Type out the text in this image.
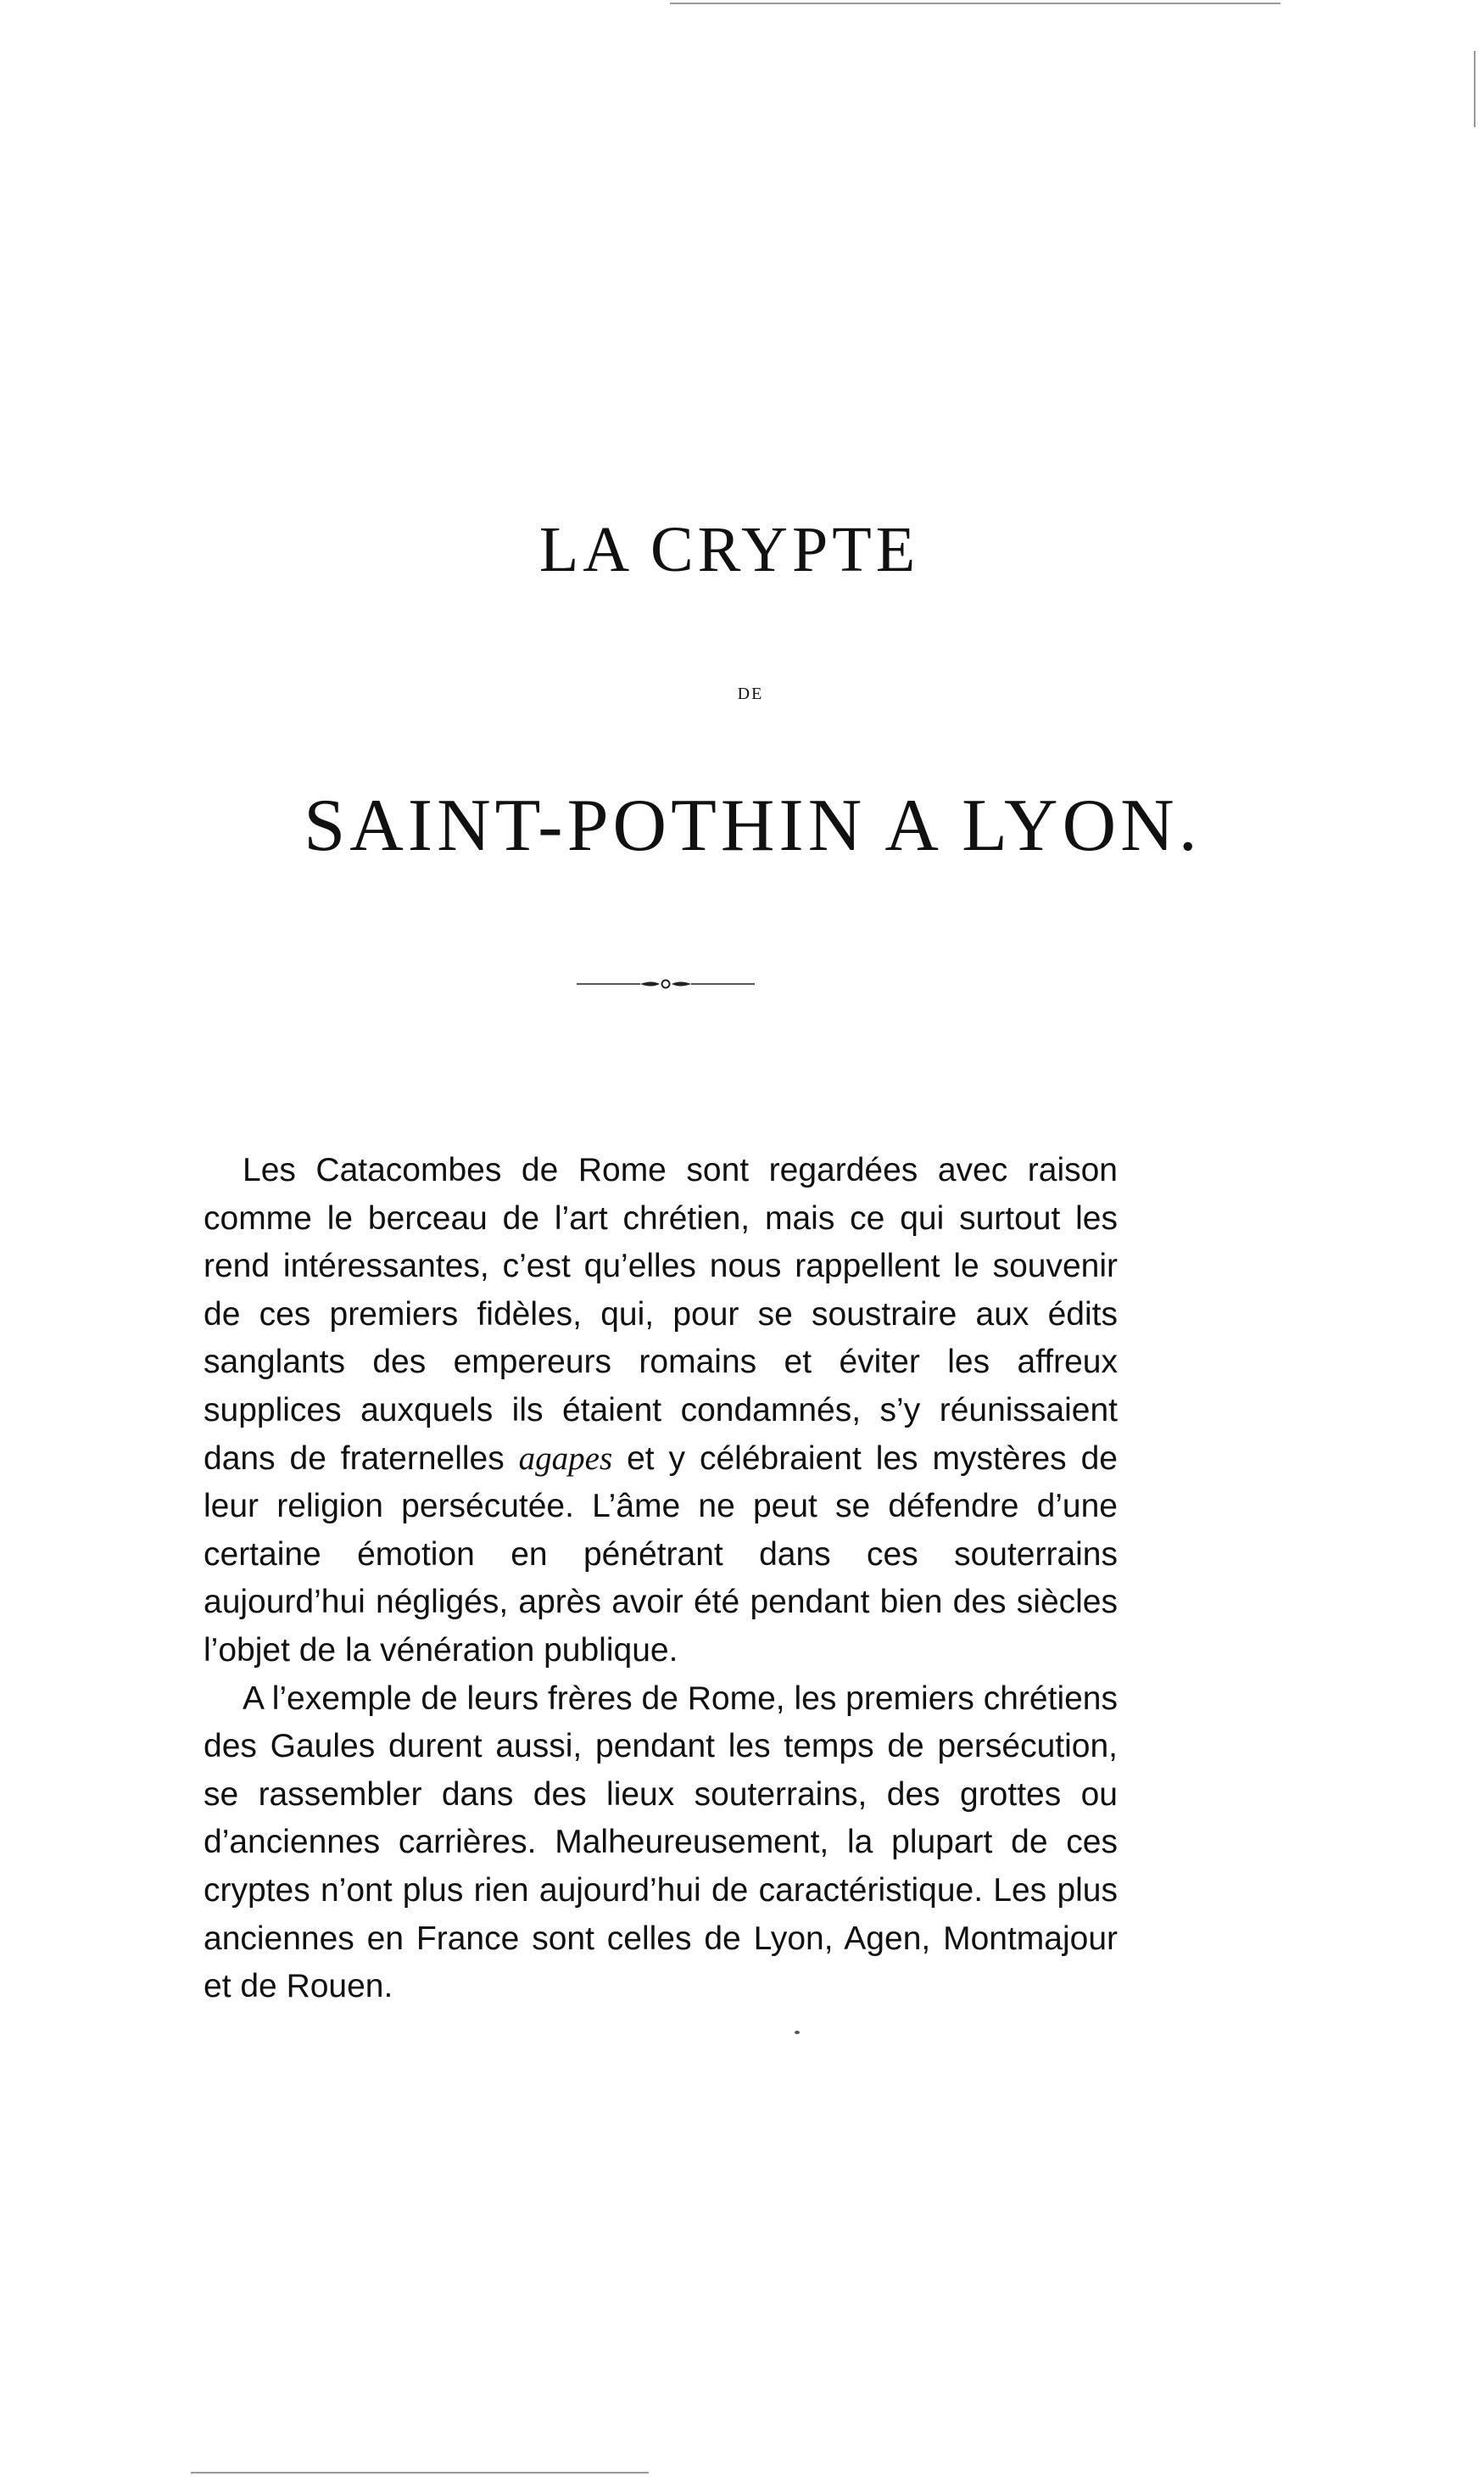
LA CRYPTE
DE
SAINT-POTHIN A LYON.

Les Catacombes de Rome sont regardées avec raison comme le berceau de l’art chrétien, mais ce qui surtout les rend intéressantes, c’est qu’elles nous rappellent le souvenir de ces premiers fidèles, qui, pour se soustraire aux édits sanglants des empereurs romains et éviter les affreux supplices auxquels ils étaient condamnés, s’y réunissaient dans de fraternelles agapes et y célébraient les mystères de leur religion persécutée. L’âme ne peut se défendre d’une certaine émotion en pénétrant dans ces souterrains aujourd’hui négligés, après avoir été pendant bien des siècles l’objet de la vénération publique.

A l’exemple de leurs frères de Rome, les premiers chrétiens des Gaules durent aussi, pendant les temps de persécution, se rassembler dans des lieux souterrains, des grottes ou d’anciennes carrières. Malheureusement, la plupart de ces cryptes n’ont plus rien aujourd’hui de caractéristique. Les plus anciennes en France sont celles de Lyon, Agen, Montmajour et de Rouen.
